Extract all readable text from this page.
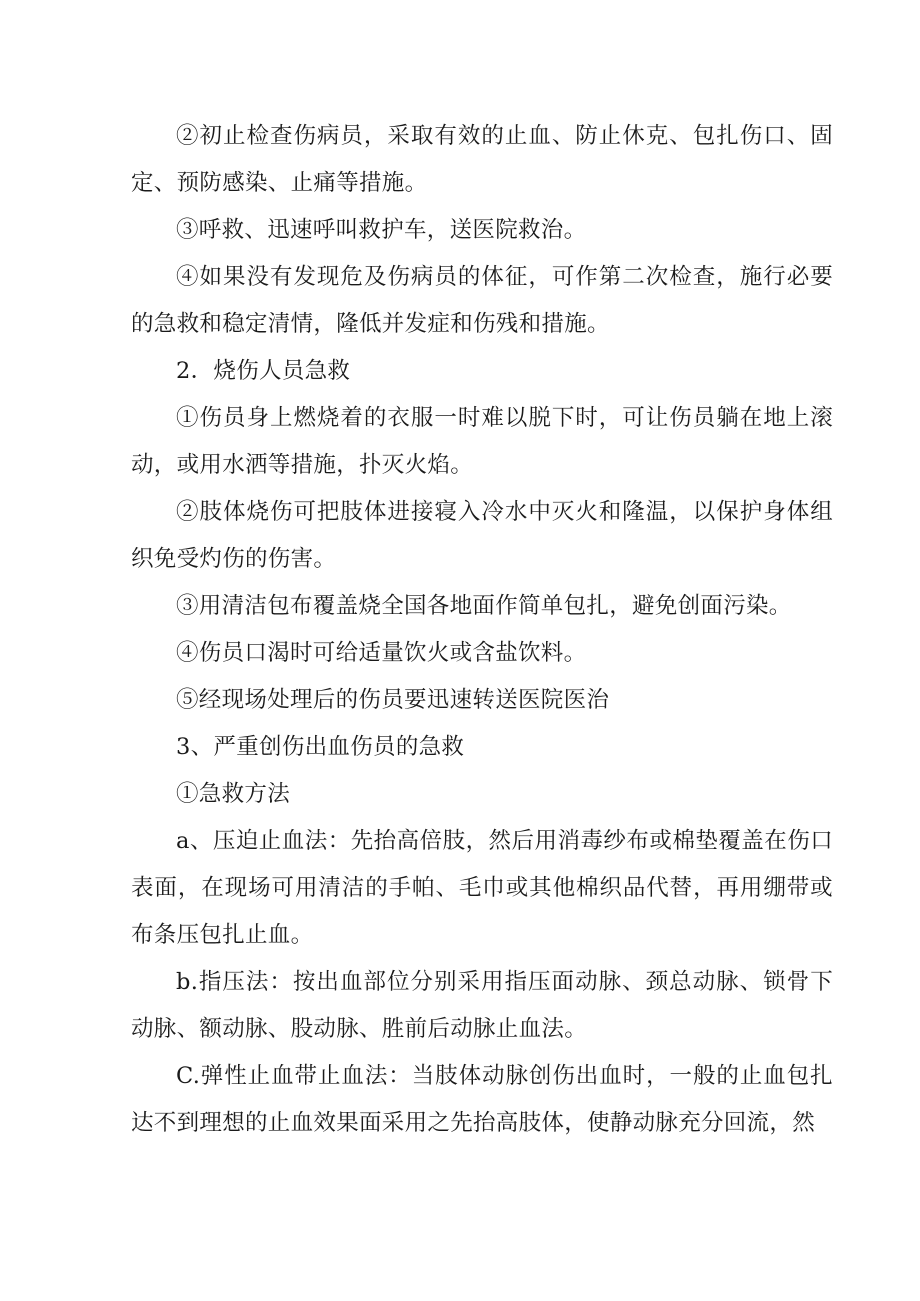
②初止检查伤病员，采取有效的止血、防止休克、包扎伤口、固定、预防感染、止痛等措施。

③呼救、迅速呼叫救护车，送医院救治。

④如果没有发现危及伤病员的体征，可作第二次检查，施行必要的急救和稳定清情，隆低并发症和伤残和措施。

2．烧伤人员急救

①伤员身上燃烧着的衣服一时难以脱下时，可让伤员躺在地上滚动，或用水洒等措施，扑灭火焰。

②肢体烧伤可把肢体进接寝入冷水中灭火和隆温，以保护身体组织免受灼伤的伤害。

③用清洁包布覆盖烧全国各地面作简单包扎，避免创面污染。

④伤员口渴时可给适量饮火或含盐饮料。

⑤经现场处理后的伤员要迅速转送医院医治

3、严重创伤出血伤员的急救

①急救方法

a、压迫止血法：先抬高倍肢，然后用消毒纱布或棉垫覆盖在伤口表面，在现场可用清洁的手帕、毛巾或其他棉织品代替，再用绷带或布条压包扎止血。

b.指压法：按出血部位分别采用指压面动脉、颈总动脉、锁骨下动脉、额动脉、股动脉、胜前后动脉止血法。

C.弹性止血带止血法：当肢体动脉创伤出血时，一般的止血包扎达不到理想的止血效果面采用之先抬高肢体，使静动脉充分回流，然
